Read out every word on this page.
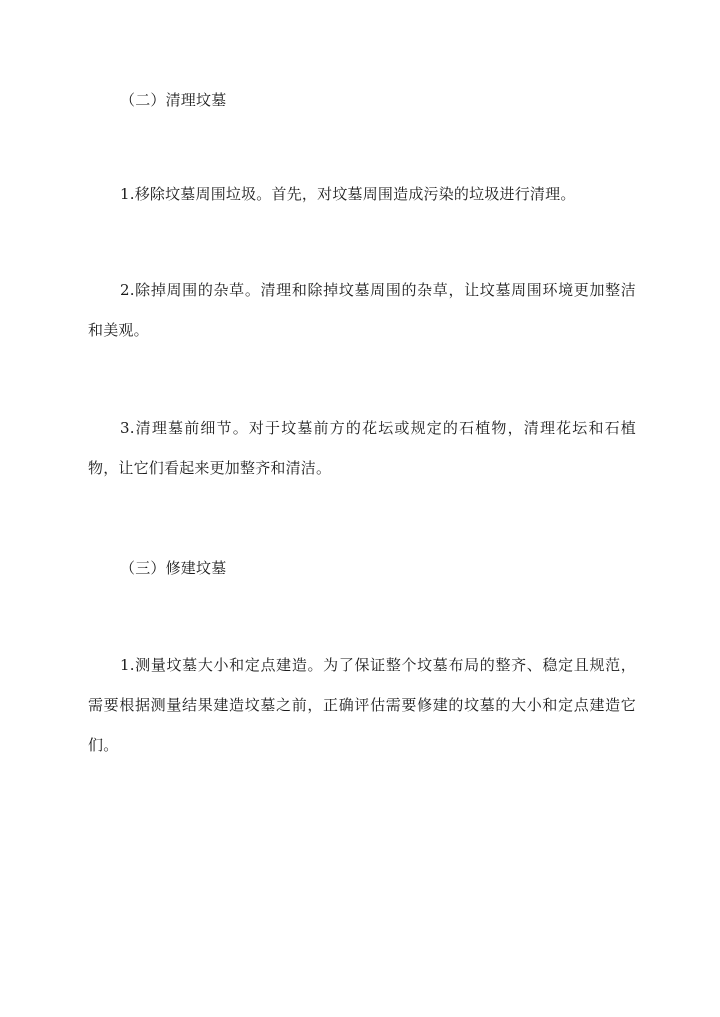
（二）清理坟墓

1.移除坟墓周围垃圾。首先，对坟墓周围造成污染的垃圾进行清理。

2.除掉周围的杂草。清理和除掉坟墓周围的杂草，让坟墓周围环境更加整洁和美观。

3.清理墓前细节。对于坟墓前方的花坛或规定的石植物，清理花坛和石植物，让它们看起来更加整齐和清洁。

（三）修建坟墓

1.测量坟墓大小和定点建造。为了保证整个坟墓布局的整齐、稳定且规范，需要根据测量结果建造坟墓之前，正确评估需要修建的坟墓的大小和定点建造它们。
